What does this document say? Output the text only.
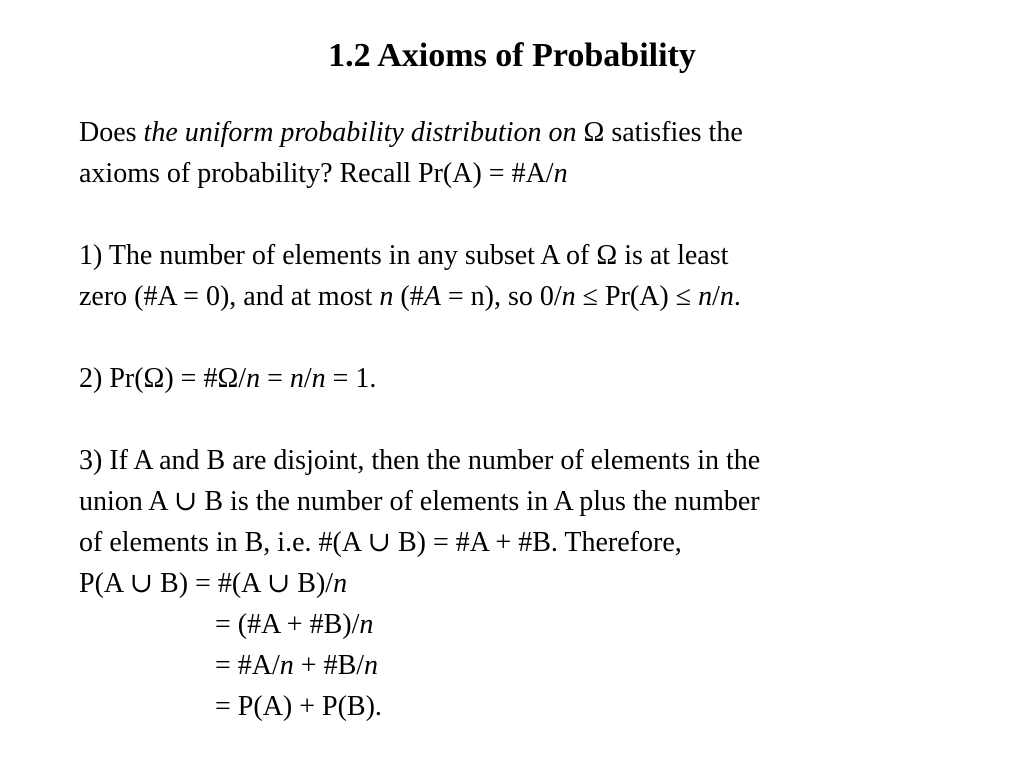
1.2 Axioms of Probability
Does the uniform probability distribution on Ω satisfies the
axioms of probability? Recall Pr(A) = #A/n
1) The number of elements in any subset A of Ω is at least
zero (#A = 0), and at most n (#A = n), so 0/n ≤ Pr(A) ≤ n/n.
2) Pr(Ω) = #Ω/n = n/n = 1.
3) If A and B are disjoint, then the number of elements in the
union A ∪ B is the number of elements in A plus the number
of elements in B, i.e. #(A ∪ B) = #A + #B. Therefore,
P(A ∪ B) = #(A ∪ B)/n
= (#A + #B)/n
= #A/n + #B/n
= P(A) + P(B).
